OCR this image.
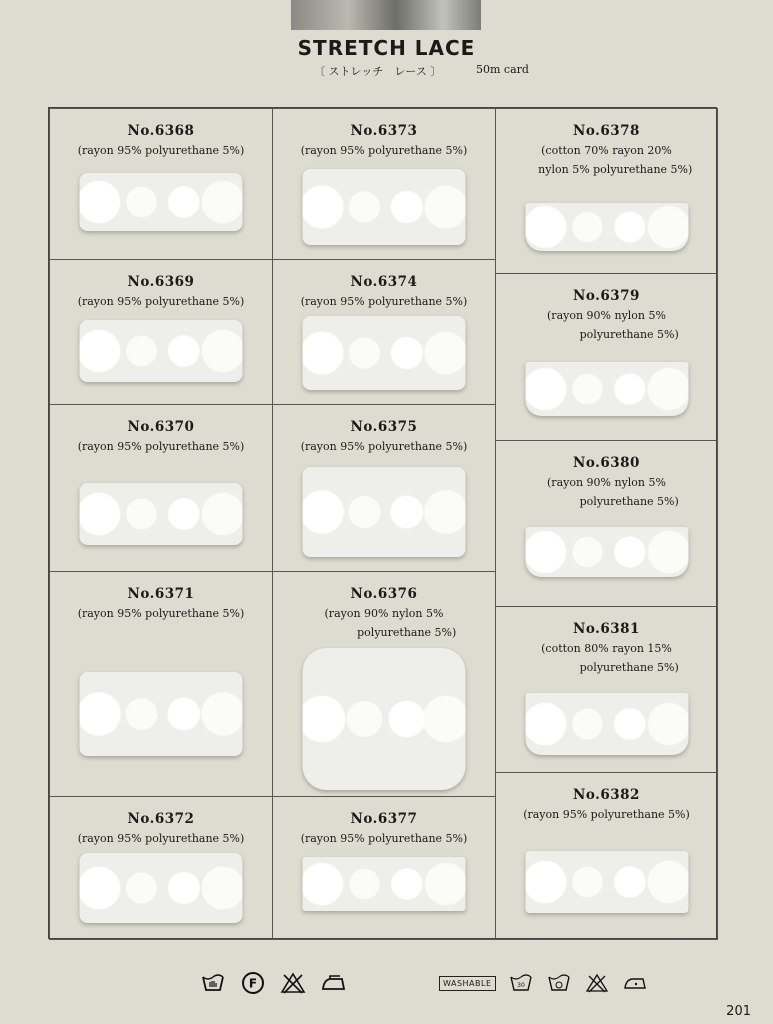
STRETCH LACE
〔 ストレッチ　レース 〕	50m card
No.6368
(rayon 95% polyurethane 5%)
No.6369
(rayon 95% polyurethane 5%)
No.6370
(rayon 95% polyurethane 5%)
No.6371
(rayon 95% polyurethane 5%)
No.6372
(rayon 95% polyurethane 5%)
No.6373
(rayon 95% polyurethane 5%)
No.6374
(rayon 95% polyurethane 5%)
No.6375
(rayon 95% polyurethane 5%)
No.6376
(rayon 90% nylon 5%
polyurethane 5%)
No.6377
(rayon 95% polyurethane 5%)
No.6378
(cotton 70% rayon 20%
nylon 5% polyurethane 5%)
No.6379
(rayon 90% nylon 5%
polyurethane 5%)
No.6380
(rayon 90% nylon 5%
polyurethane 5%)
No.6381
(cotton 80% rayon 15%
polyurethane 5%)
No.6382
(rayon 95% polyurethane 5%)
F	WASHABLE	30
201
